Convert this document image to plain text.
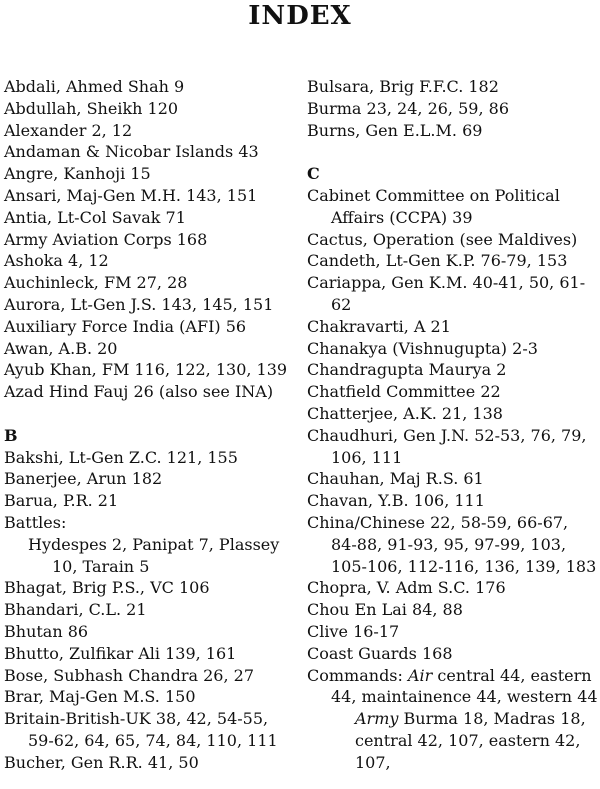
INDEX

Abdali, Ahmed Shah 9

Abdullah, Sheikh 120

Alexander 2, 12

Andaman & Nicobar Islands 43

Angre, Kanhoji 15

Ansari, Maj-Gen M.H. 143, 151

Antia, Lt-Col Savak 71

Army Aviation Corps 168

Ashoka 4, 12

Auchinleck, FM 27, 28

Aurora, Lt-Gen J.S. 143, 145, 151

Auxiliary Force India (AFI) 56

Awan, A.B. 20

Ayub Khan, FM 116, 122, 130, 139

Azad Hind Fauj 26 (also see INA)

B

Bakshi, Lt-Gen Z.C. 121, 155

Banerjee, Arun 182

Barua, P.R. 21

Battles:

Hydespes 2, Panipat 7, Plassey 10, Tarain 5

Bhagat, Brig P.S., VC 106

Bhandari, C.L. 21

Bhutan 86

Bhutto, Zulfikar Ali 139, 161

Bose, Subhash Chandra 26, 27

Brar, Maj-Gen M.S. 150

Britain-British-UK 38, 42, 54-55, 59-62, 64, 65, 74, 84, 110, 111

Bucher, Gen R.R. 41, 50

Bulsara, Brig F.F.C. 182

Burma 23, 24, 26, 59, 86

Burns, Gen E.L.M. 69

C

Cabinet Committee on Political Affairs (CCPA) 39

Cactus, Operation (see Maldives)

Candeth, Lt-Gen K.P. 76-79, 153

Cariappa, Gen K.M. 40-41, 50, 61-62

Chakravarti, A 21

Chanakya (Vishnugupta) 2-3

Chandragupta Maurya 2

Chatfield Committee 22

Chatterjee, A.K. 21, 138

Chaudhuri, Gen J.N. 52-53, 76, 79, 106, 111

Chauhan, Maj R.S. 61

Chavan, Y.B. 106, 111

China/Chinese 22, 58-59, 66-67, 84-88, 91-93, 95, 97-99, 103, 105-106, 112-116, 136, 139, 183

Chopra, V. Adm S.C. 176

Chou En Lai 84, 88

Clive 16-17

Coast Guards 168

Commands: Air central 44, eastern 44, maintainence 44, western 44

Army Burma 18, Madras 18, central 42, 107, eastern 42, 107,
